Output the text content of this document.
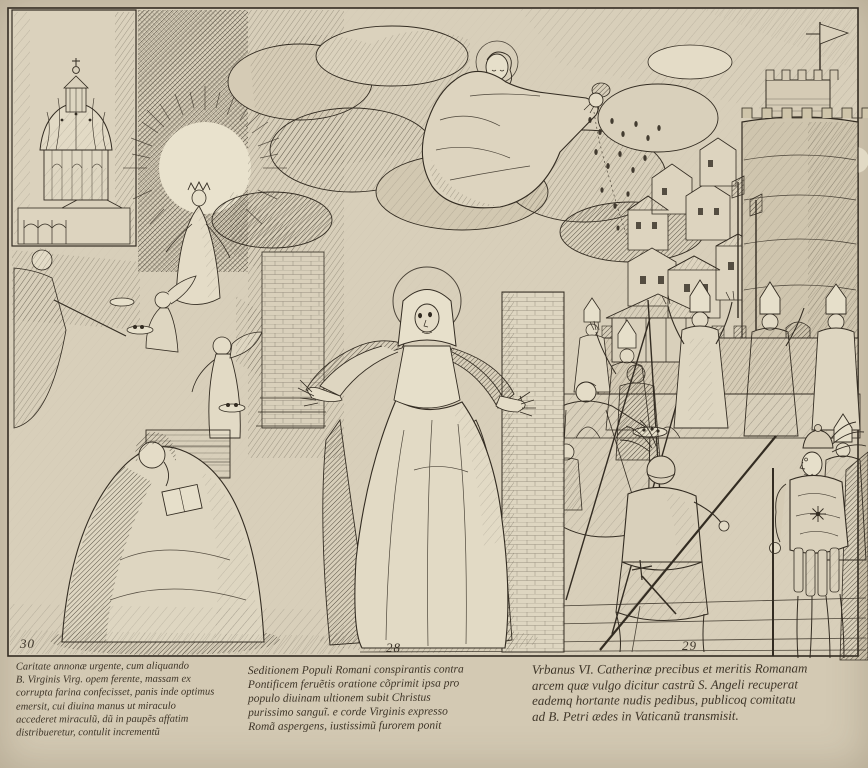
30	28	29
Caritate annonæ urgente, cum aliquando
B. Virginis Virg. opem ferente, massam ex
corrupta farina confecisset, panis inde optimus
emersit, cui diuina manus ut miraculo
accederet miraculũ, dũ in paupẽs affatim
distribueretur, contulit incrementũ
Seditionem Populi Romani conspirantis contra
Pontificem feruẽtis oratione cõprimit ipsa pro
populo diuinam ultionem subit Christus
purissimo sanguĩ. e corde Virginis expresso
Romã aspergens, iustissimũ furorem ponit
Vrbanus VI. Catherinæ precibus et meritis Romanam
arcem quæ vulgo dicitur castrũ S. Angeli recuperat
eademq hortante nudis pedibus, publicoq comitatu
ad B. Petri ædes in Vaticanũ transmisit.
